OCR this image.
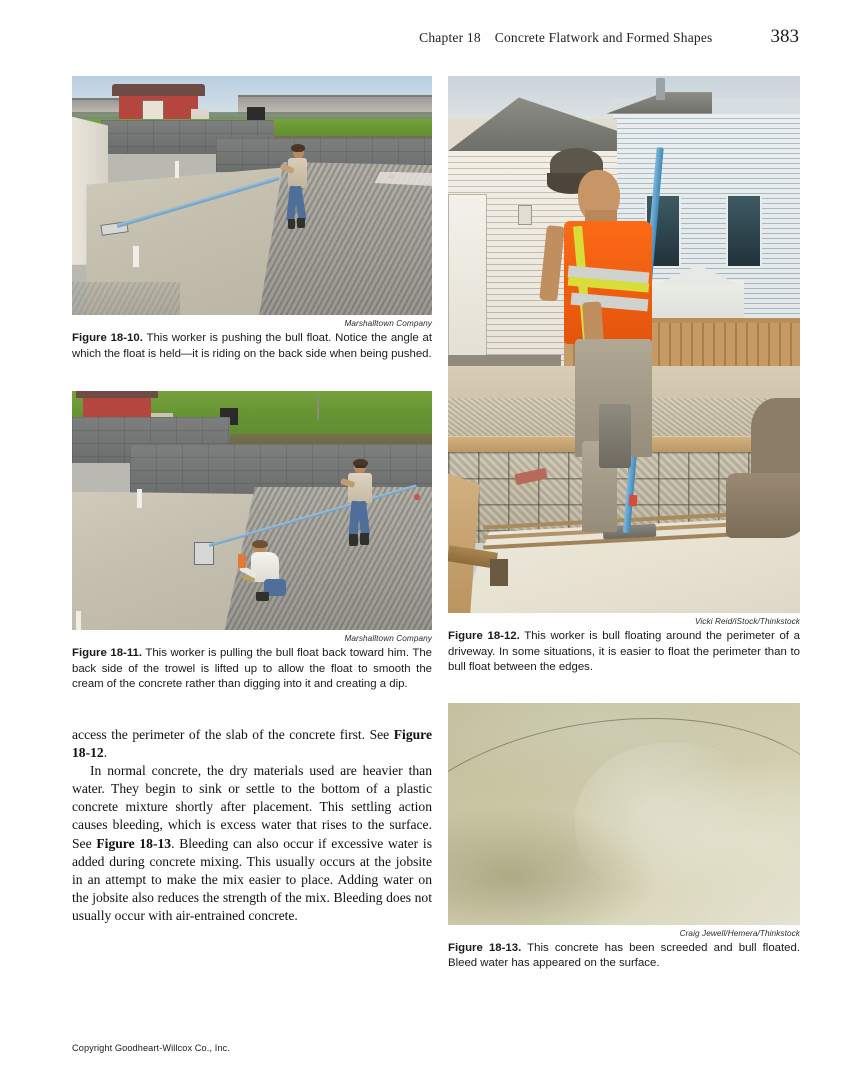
Chapter 18 Concrete Flatwork and Formed Shapes	383
Marshalltown Company
Figure 18-10. This worker is pushing the bull float. Notice the angle at which the float is held—it is riding on the back side when being pushed.
Marshalltown Company
Figure 18-11. This worker is pulling the bull float back toward him. The back side of the trowel is lifted up to allow the float to smooth the cream of the concrete rather than digging into it and creating a dip.

access the perimeter of the slab of the concrete first. See Figure 18-12.

In normal concrete, the dry materials used are heavier than water. They begin to sink or settle to the bottom of a plastic concrete mixture shortly after placement. This settling action causes bleeding, which is excess water that rises to the surface. See Figure 18-13. Bleeding can also occur if excessive water is added during concrete mixing. This usually occurs at the jobsite in an attempt to make the mix easier to place. Adding water on the jobsite also reduces the strength of the mix. Bleeding does not usually occur with air-entrained concrete.

Vicki Reid/iStock/Thinkstock
Figure 18-12. This worker is bull floating around the perimeter of a driveway. In some situations, it is easier to float the perimeter than to bull float between the edges.
Craig Jewell/Hemera/Thinkstock
Figure 18-13. This concrete has been screeded and bull floated. Bleed water has appeared on the surface.
Copyright Goodheart-Willcox Co., Inc.
